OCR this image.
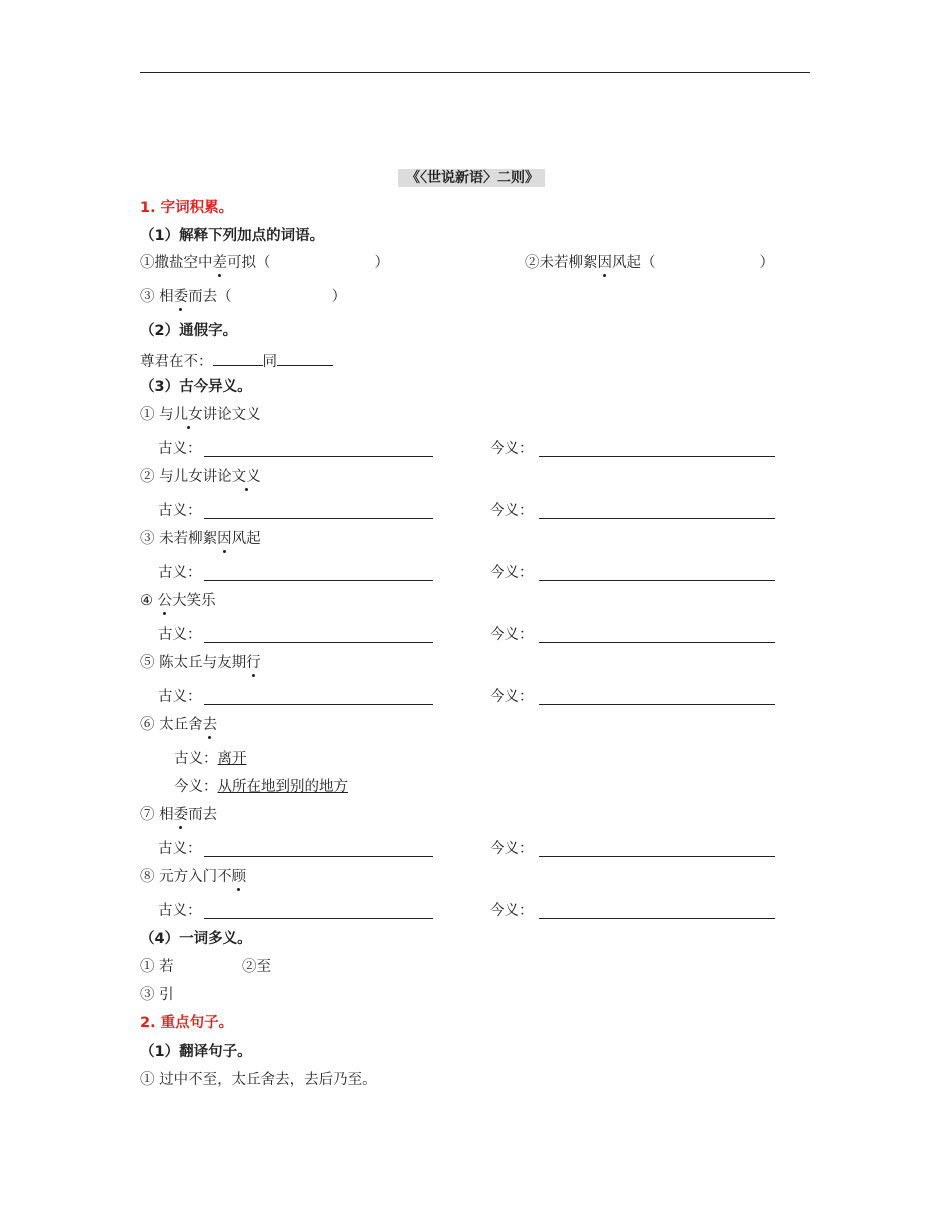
《〈世说新语〉二则》
1. 字词积累。
（1）解释下列加点的词语。
①撒盐空中差可拟（	）	②未若柳絮因风起（	）
③ 相委而去（	）
（2）通假字。
尊君在不：	同
（3）古今异义。
① 与儿女讲论文义
古义：	今义：
② 与儿女讲论文义
古义：	今义：
③ 未若柳絮因风起
古义：	今义：
④ 公大笑乐
古义：	今义：
⑤ 陈太丘与友期行
古义：	今义：
⑥ 太丘舍去
古义：离开
今义：从所在地到别的地方
⑦ 相委而去
古义：	今义：
⑧ 元方入门不顾
古义：	今义：
（4）一词多义。
① 若	②至
③ 引
2. 重点句子。
（1）翻译句子。
① 过中不至，太丘舍去，去后乃至。
